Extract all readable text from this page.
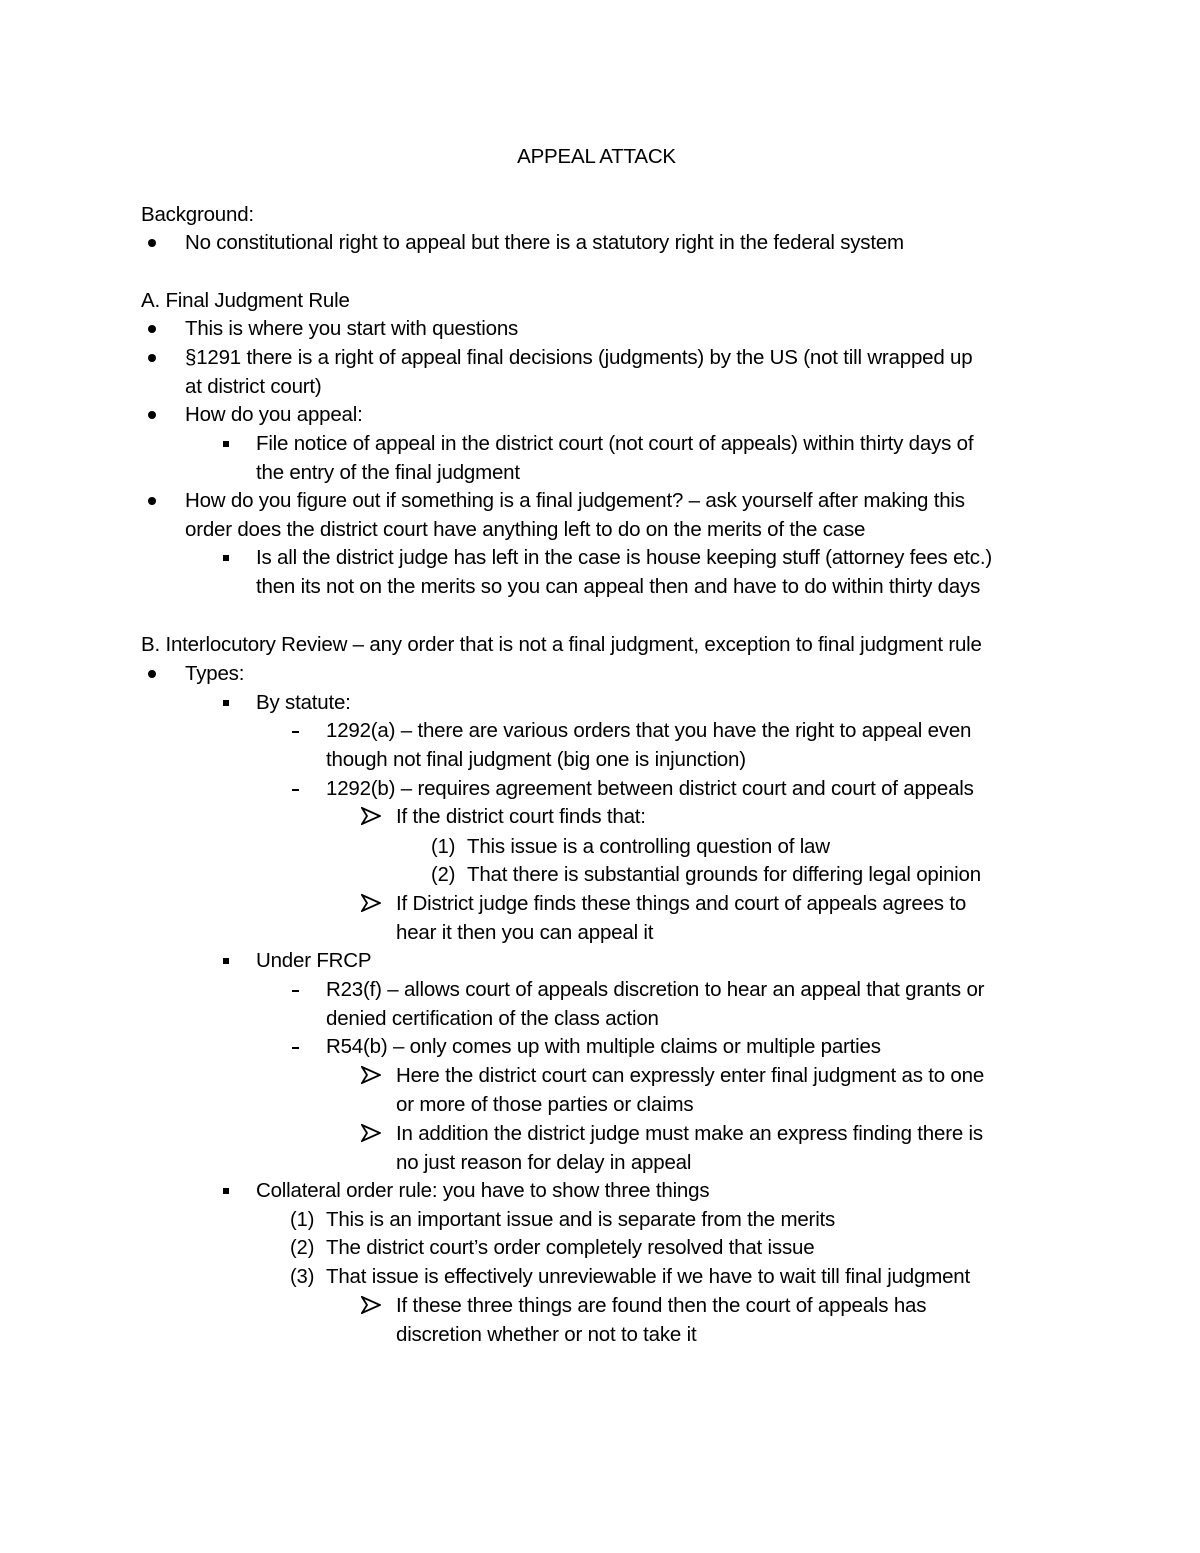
APPEAL ATTACK
Background:
No constitutional right to appeal but there is a statutory right in the federal system
A. Final Judgment Rule
This is where you start with questions
§1291 there is a right of appeal final decisions (judgments) by the US (not till wrapped up
at district court)
How do you appeal:
File notice of appeal in the district court (not court of appeals) within thirty days of
the entry of the final judgment
How do you figure out if something is a final judgement? – ask yourself after making this
order does the district court have anything left to do on the merits of the case
Is all the district judge has left in the case is house keeping stuff (attorney fees etc.)
then its not on the merits so you can appeal then and have to do within thirty days
B. Interlocutory Review – any order that is not a final judgment, exception to final judgment rule
Types:
By statute:
1292(a) – there are various orders that you have the right to appeal even
though not final judgment (big one is injunction)
1292(b) – requires agreement between district court and court of appeals
If the district court finds that:
(1) This issue is a controlling question of law
(2) That there is substantial grounds for differing legal opinion
If District judge finds these things and court of appeals agrees to
hear it then you can appeal it
Under FRCP
R23(f) – allows court of appeals discretion to hear an appeal that grants or
denied certification of the class action
R54(b) – only comes up with multiple claims or multiple parties
Here the district court can expressly enter final judgment as to one
or more of those parties or claims
In addition the district judge must make an express finding there is
no just reason for delay in appeal
Collateral order rule: you have to show three things
(1) This is an important issue and is separate from the merits
(2) The district court’s order completely resolved that issue
(3) That issue is effectively unreviewable if we have to wait till final judgment
If these three things are found then the court of appeals has
discretion whether or not to take it
